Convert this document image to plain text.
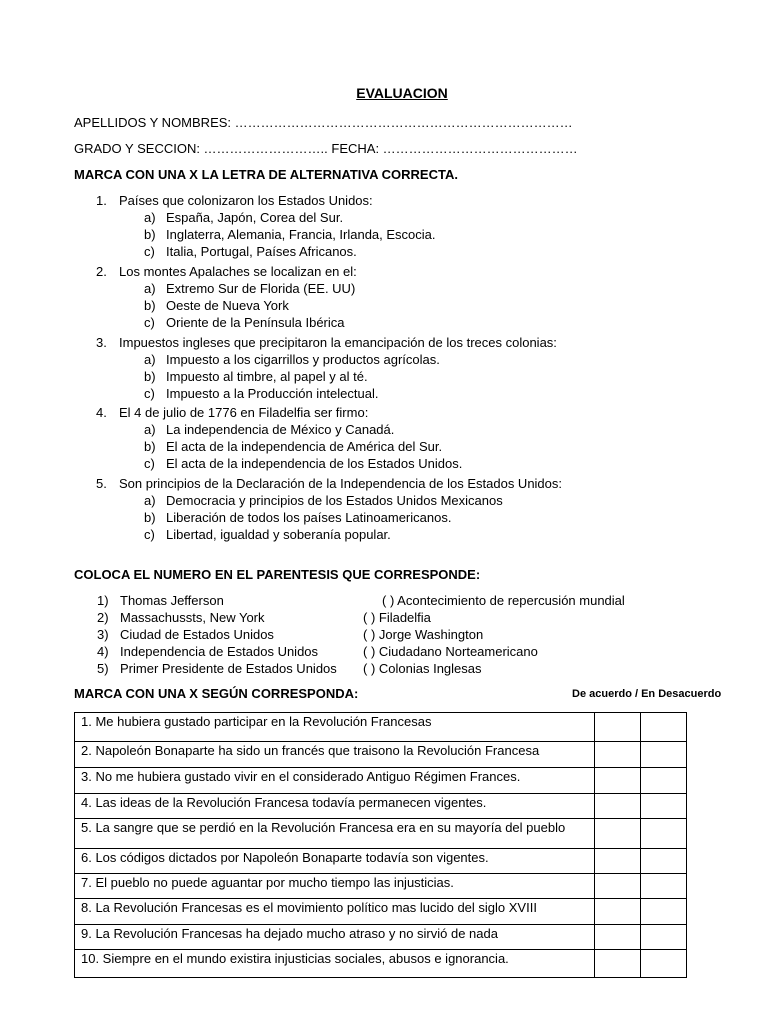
EVALUACION
APELLIDOS Y NOMBRES: ……………………………………………………………………
GRADO Y SECCION: ……………………….. FECHA: ………………………………………
MARCA CON UNA X LA LETRA DE ALTERNATIVA CORRECTA.
1. Países que colonizaron los Estados Unidos:
a) España, Japón, Corea del Sur.
b) Inglaterra, Alemania, Francia, Irlanda, Escocia.
c) Italia, Portugal, Países Africanos.
2. Los montes Apalaches se localizan en el:
a) Extremo Sur de Florida (EE. UU)
b) Oeste de Nueva York
c) Oriente de la Península Ibérica
3. Impuestos ingleses que precipitaron la emancipación de los treces colonias:
a) Impuesto a los cigarrillos y productos agrícolas.
b) Impuesto al timbre, al papel y al té.
c) Impuesto a la Producción intelectual.
4. El 4 de julio de 1776 en Filadelfia ser firmo:
a) La independencia de México y Canadá.
b) El acta de la independencia de América del Sur.
c) El acta de la independencia de los Estados Unidos.
5. Son principios de la Declaración de la Independencia de los Estados Unidos:
a) Democracia y principios de los Estados Unidos Mexicanos
b) Liberación de todos los países Latinoamericanos.
c) Libertad, igualdad y soberanía popular.
COLOCA EL NUMERO EN EL PARENTESIS QUE CORRESPONDE:
1) Thomas Jefferson	( ) Acontecimiento de repercusión mundial
2) Massachussts, New York	( ) Filadelfia
3) Ciudad de Estados Unidos	( ) Jorge Washington
4) Independencia de Estados Unidos	( ) Ciudadano Norteamericano
5) Primer Presidente de Estados Unidos ( ) Colonias Inglesas
MARCA CON UNA X SEGÚN CORRESPONDA:	De acuerdo / En Desacuerdo
1. Me hubiera gustado participar en la Revolución Francesas		
2. Napoleón Bonaparte ha sido un francés que traisono la Revolución Francesa		
3. No me hubiera gustado vivir en el considerado Antiguo Régimen Frances.		
4. Las ideas de la Revolución Francesa todavía permanecen vigentes.		
5. La sangre que se perdió en la Revolución Francesa era en su mayoría del pueblo		
6. Los códigos dictados por Napoleón Bonaparte todavía son vigentes.		
7. El pueblo no puede aguantar por mucho tiempo las injusticias.		
8. La Revolución Francesas es el movimiento político mas lucido del siglo XVIII		
9. La Revolución Francesas ha dejado mucho atraso y no sirvió de nada		
10. Siempre en el mundo existira injusticias sociales, abusos e ignorancia.		
